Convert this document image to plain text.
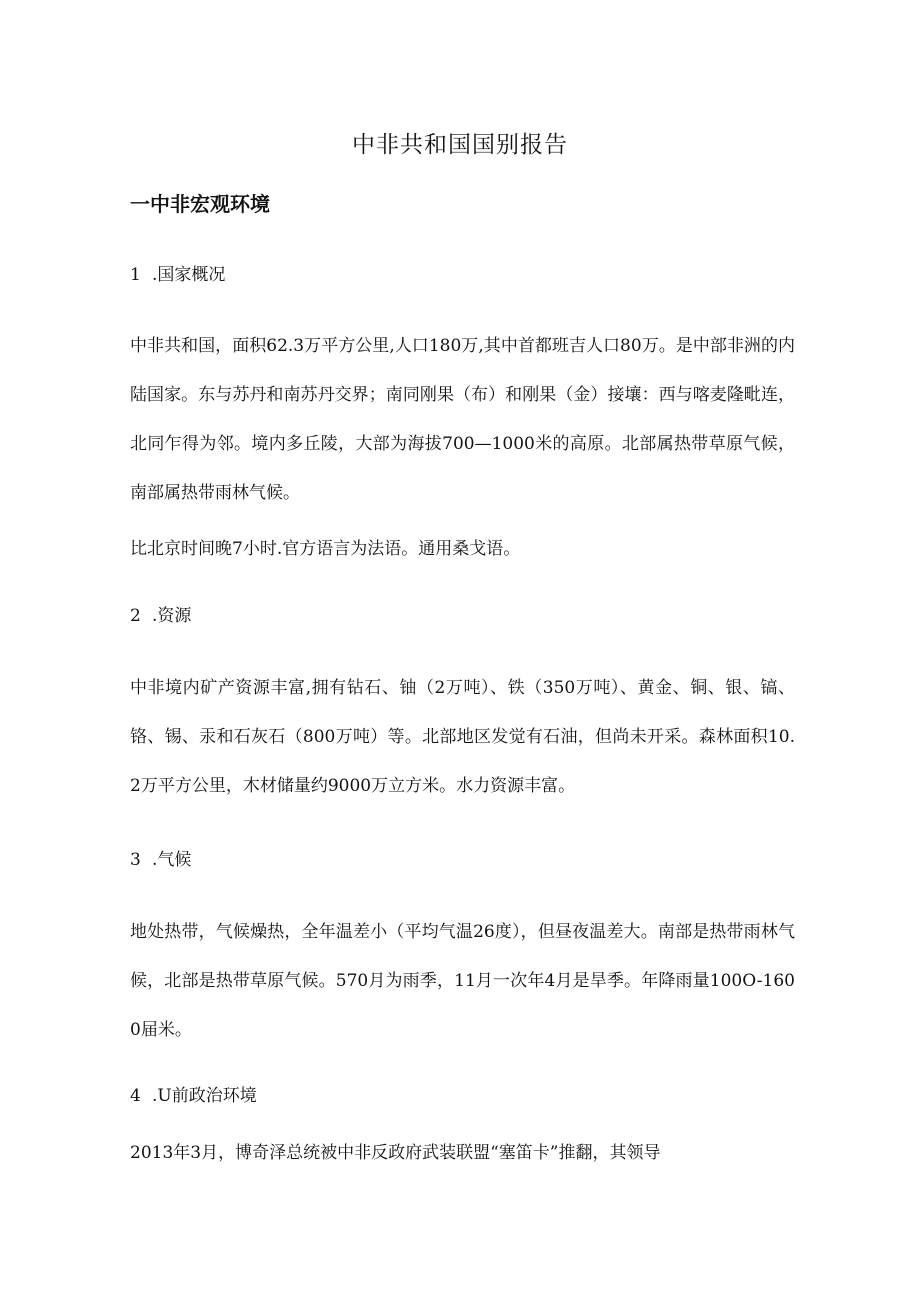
中非共和国国别报告
一中非宏观环境
1 .国家概况

中非共和国，面积62.3万平方公里,人口180万,其中首都班吉人口80万。是中部非洲的内陆国家。东与苏丹和南苏丹交界；南同刚果（布）和刚果（金）接壤：西与喀麦隆毗连，北同乍得为邻。境内多丘陵，大部为海拔700—1000米的高原。北部属热带草原气候，南部属热带雨林气候。

比北京时间晚7小时.官方语言为法语。通用桑戈语。

2 .资源

中非境内矿产资源丰富,拥有钻石、铀（2万吨）、铁（350万吨）、黄金、铜、银、镐、铬、锡、汞和石灰石（800万吨）等。北部地区发觉有石油，但尚未开采。森林面积10.2万平方公里，木材储量约9000万立方米。水力资源丰富。

3 .气候

地处热带，气候燥热，全年温差小（平均气温26度），但昼夜温差大。南部是热带雨林气候，北部是热带草原气候。570月为雨季，11月一次年4月是旱季。年降雨量100O-1600届米。

4 .U前政治环境

2013年3月，博奇泽总统被中非反政府武装联盟“塞笛卡”推翻，其领导
